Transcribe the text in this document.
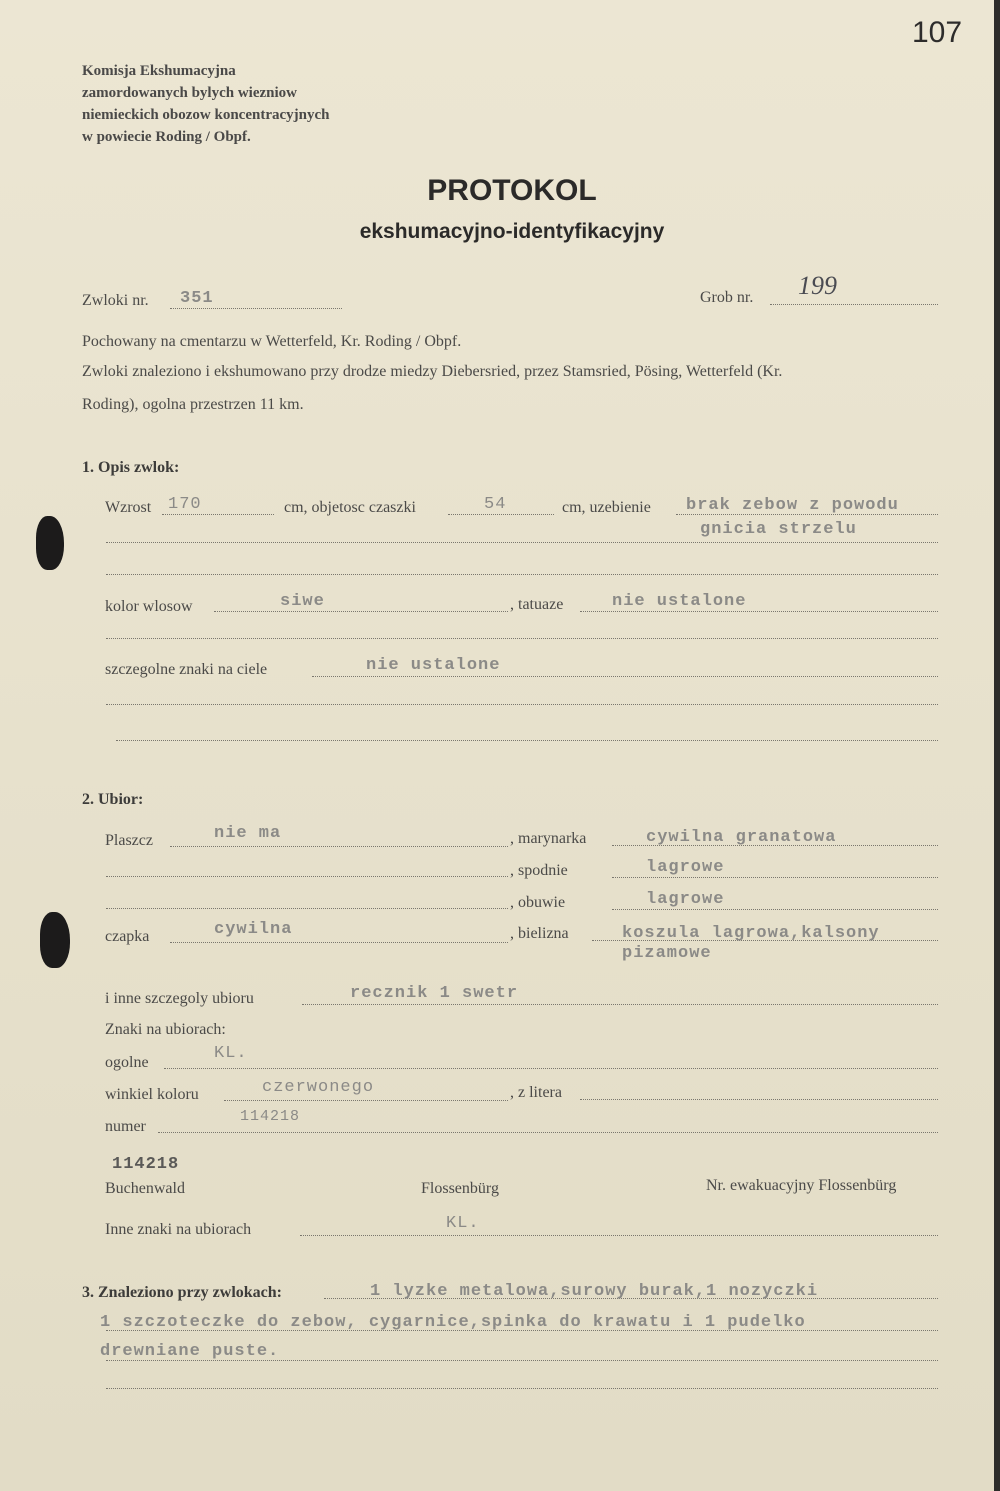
107
Komisja Ekshumacyjna
zamordowanych bylych wiezniow
niemieckich obozow koncentracyjnych
w powiecie Roding / Obpf.
PROTOKOL
ekshumacyjno-identyfikacyjny
Zwloki nr. 351	Grob nr. 199
Pochowany na cmentarzu w Wetterfeld, Kr. Roding / Obpf.
Zwloki znaleziono i ekshumowano przy drodze miedzy Diebersried, przez Stamsried, Pösing, Wetterfeld (Kr.
Roding), ogolna przestrzen 11 km.
1. Opis zwlok:
Wzrost 170	cm, objetosc czaszki	54	cm, uzebienie brak zebow z powodu
gnicia strzelu
kolor wlosow	siwe	, tatuaze	nie ustalone
szczegolne znaki na ciele	nie ustalone
2. Ubior:
Plaszcz	nie ma	, marynarka	cywilna granatowa
, spodnie	lagrowe
, obuwie	lagrowe
czapka	cywilna	, bielizna	koszula lagrowa,kalsony
pizamowe
i inne szczegoly ubioru	recznik 1 swetr
Znaki na ubiorach:
ogolne	KL.
winkiel koloru	czerwonego	, z litera
numer
114218
114218
Buchenwald	Flossenbürg	Nr. ewakuacyjny Flossenbürg
Inne znaki na ubiorach	KL.
3. Znaleziono przy zwlokach:	1 lyzke metalowa,surowy burak,1 nozyczki
1 szczoteczke do zebow, cygarnice,spinka do krawatu i 1 pudelko
drewniane puste.
